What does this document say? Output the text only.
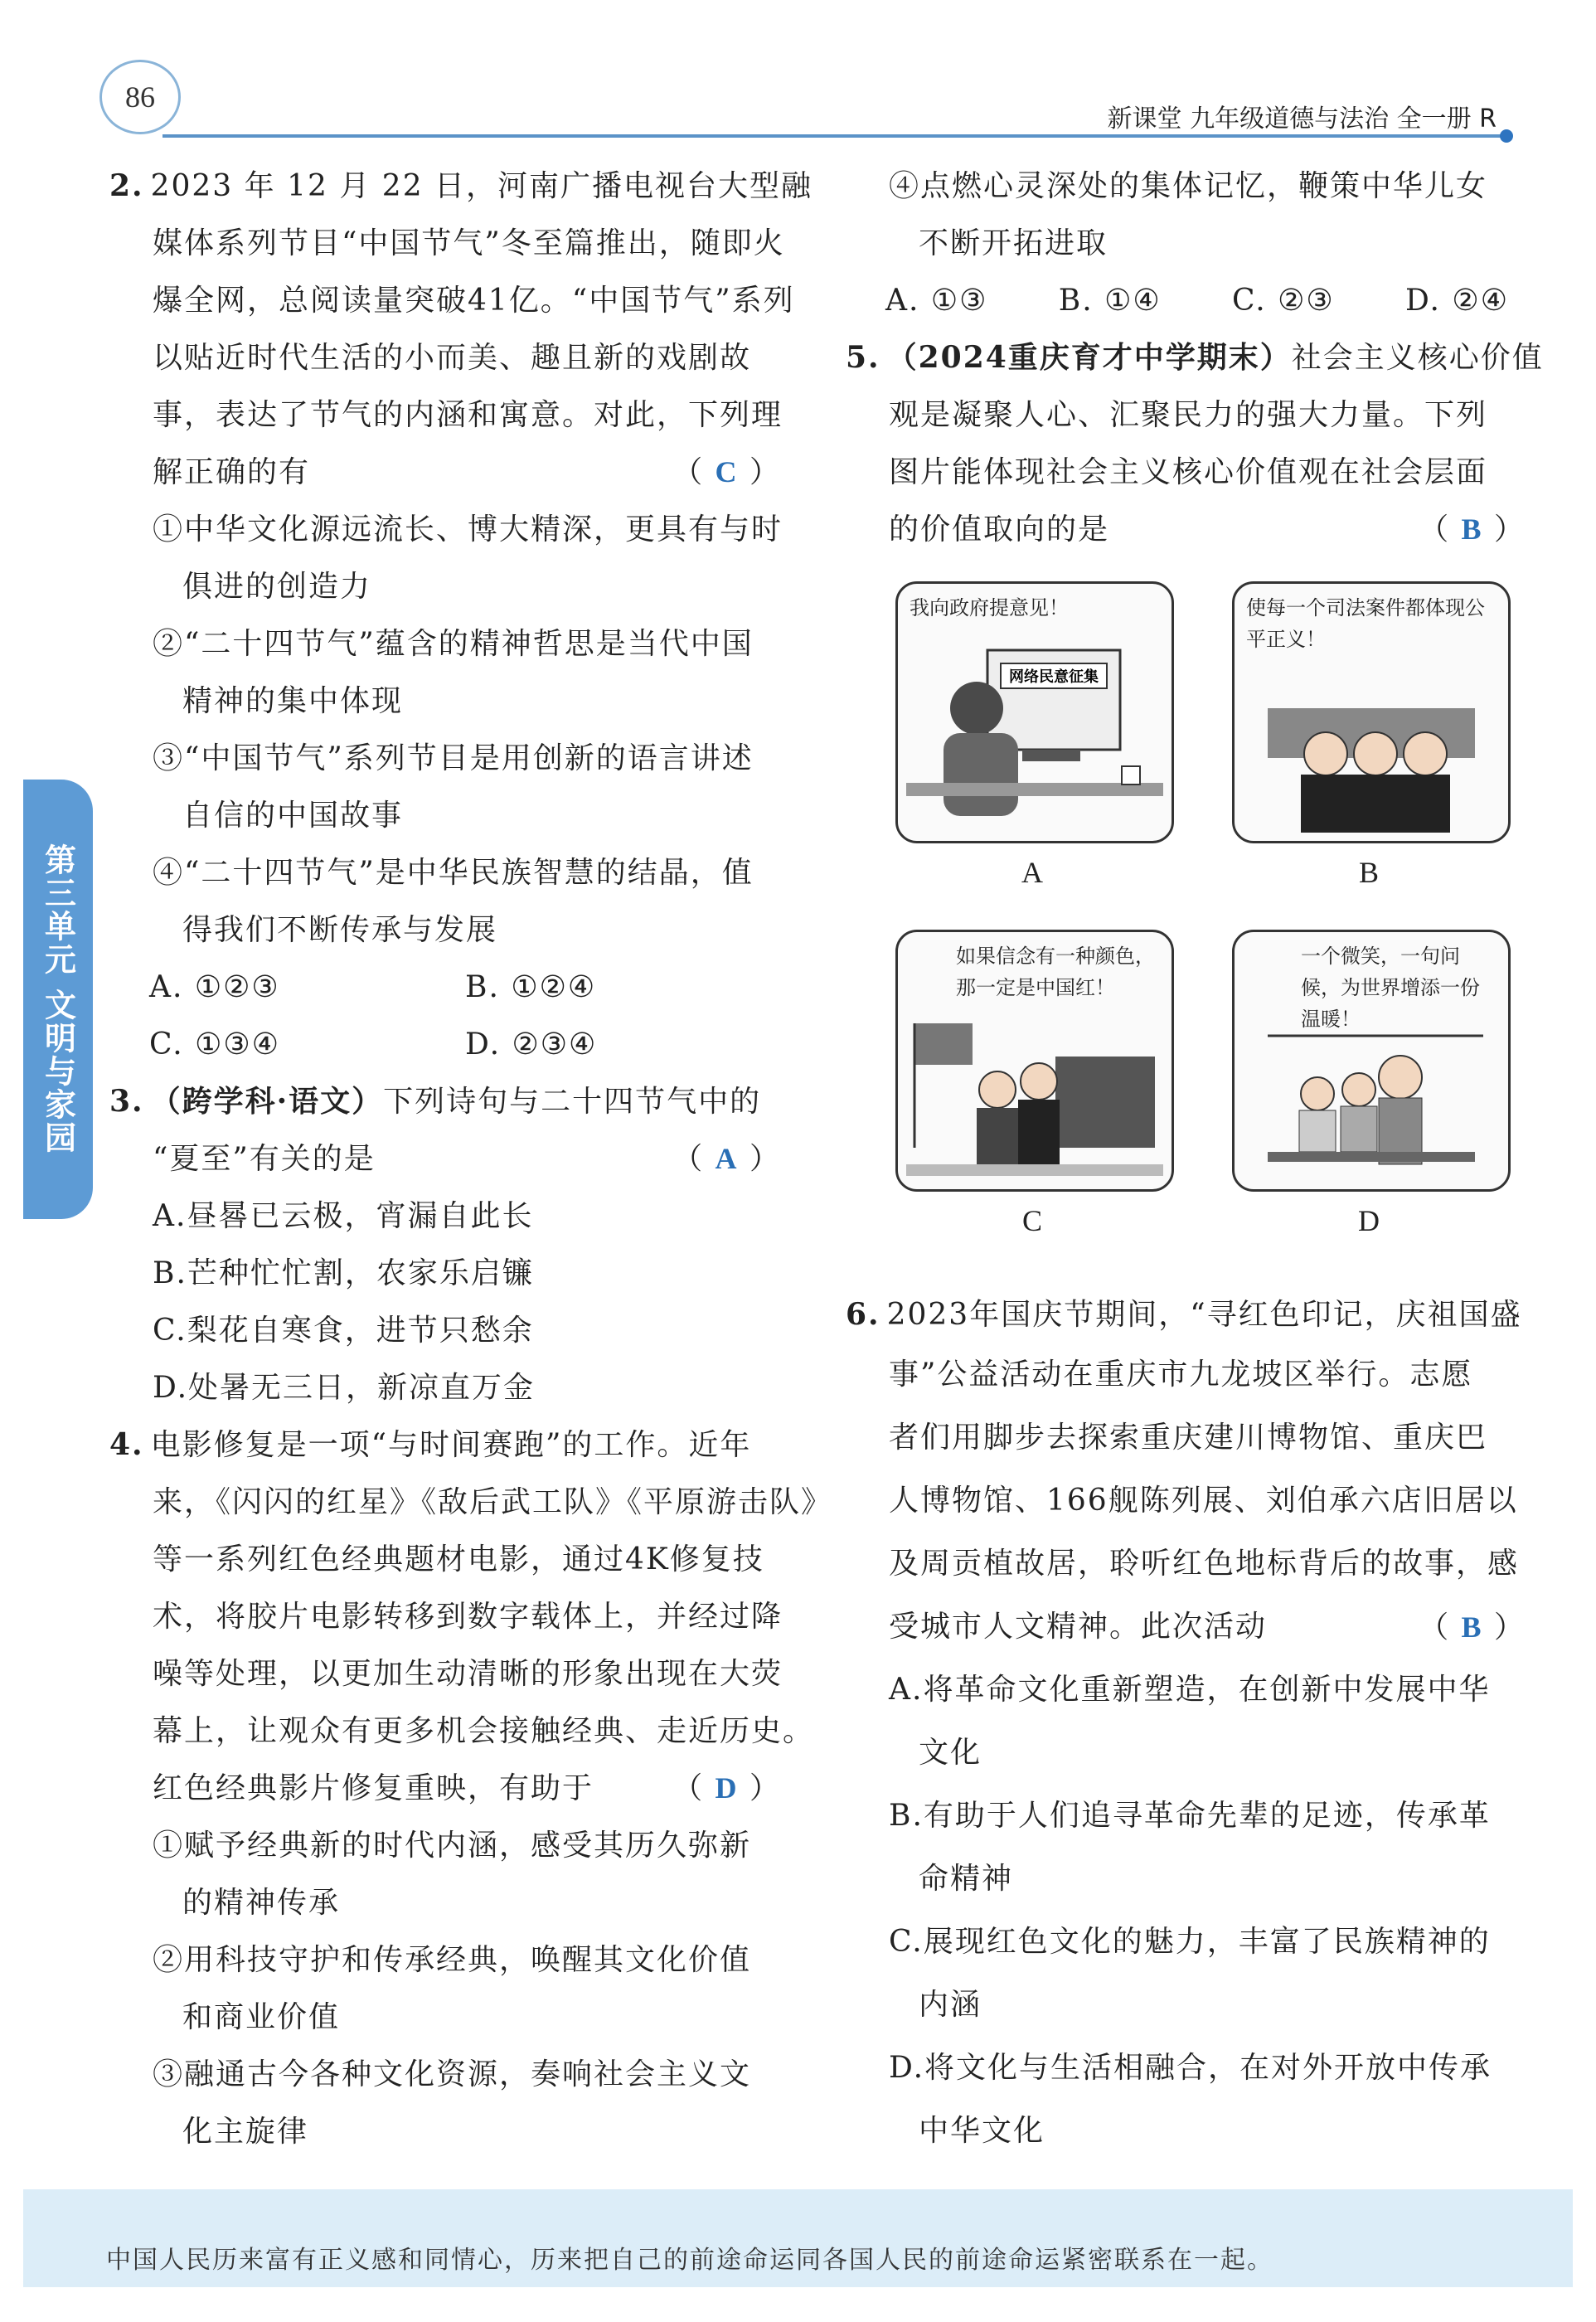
86
新课堂 九年级道德与法治 全一册 R
第三单元 文明与家园
2. 2023 年 12 月 22 日，河南广播电视台大型融
媒体系列节目“中国节气”冬至篇推出，随即火
爆全网，总阅读量突破41亿。“中国节气”系列
以贴近时代生活的小而美、趣且新的戏剧故
事，表达了节气的内涵和寓意。对此，下列理
解正确的有	（ C ）
①中华文化源远流长、博大精深，更具有与时
俱进的创造力
②“二十四节气”蕴含的精神哲思是当代中国
精神的集中体现
③“中国节气”系列节目是用创新的语言讲述
自信的中国故事
④“二十四节气”是中华民族智慧的结晶，值
得我们不断传承与发展
A. ①②③	B. ①②④
C. ①③④	D. ②③④
3. （跨学科·语文）下列诗句与二十四节气中的
“夏至”有关的是	（ A ）
A.昼晷已云极，宵漏自此长
B.芒种忙忙割，农家乐启镰
C.梨花自寒食，进节只愁余
D.处暑无三日，新凉直万金
4. 电影修复是一项“与时间赛跑”的工作。近年
来，《闪闪的红星》《敌后武工队》《平原游击队》
等一系列红色经典题材电影，通过4K修复技
术，将胶片电影转移到数字载体上，并经过降
噪等处理，以更加生动清晰的形象出现在大荧
幕上，让观众有更多机会接触经典、走近历史。
红色经典影片修复重映，有助于	（ D ）
①赋予经典新的时代内涵，感受其历久弥新
的精神传承
②用科技守护和传承经典，唤醒其文化价值
和商业价值
③融通古今各种文化资源，奏响社会主义文
化主旋律
④点燃心灵深处的集体记忆，鞭策中华儿女
不断开拓进取
A. ①③ B. ①④ C. ②③ D. ②④
5. （2024重庆育才中学期末）社会主义核心价值
观是凝聚人心、汇聚民力的强大力量。下列
图片能体现社会主义核心价值观在社会层面
的价值取向的是	（ B ）
我向政府提意见！
网络民意征集
A
使每一个司法案件都体现公平正义！
B
如果信念有一种颜色，那一定是中国红！
C
一个微笑，一句问候，为世界增添一份温暖！
D
6. 2023年国庆节期间，“寻红色印记，庆祖国盛
事”公益活动在重庆市九龙坡区举行。志愿
者们用脚步去探索重庆建川博物馆、重庆巴
人博物馆、166舰陈列展、刘伯承六店旧居以
及周贡植故居，聆听红色地标背后的故事，感
受城市人文精神。此次活动	（ B ）
A.将革命文化重新塑造，在创新中发展中华
文化
B.有助于人们追寻革命先辈的足迹，传承革
命精神
C.展现红色文化的魅力，丰富了民族精神的
内涵
D.将文化与生活相融合，在对外开放中传承
中华文化
中国人民历来富有正义感和同情心，历来把自己的前途命运同各国人民的前途命运紧密联系在一起。
